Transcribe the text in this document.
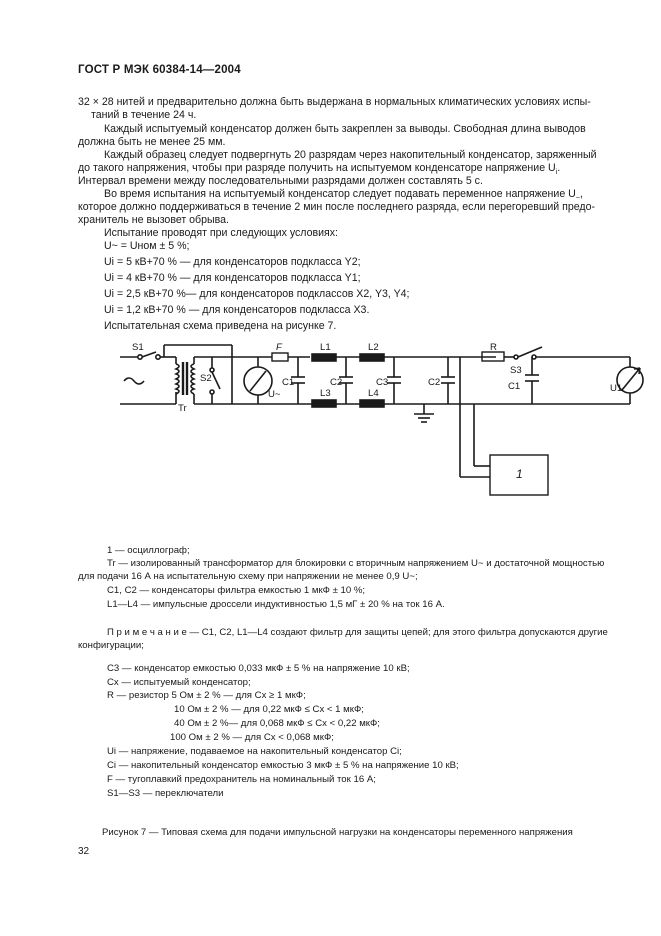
ГОСТ Р МЭК 60384-14—2004
32 × 28 нитей и предварительно должна быть выдержана в нормальных климатических условиях испы-
таний в течение 24 ч.
Каждый испытуемый конденсатор должен быть закреплен за выводы. Свободная длина выводов
должна быть не менее 25 мм.
Каждый образец следует подвергнуть 20 разрядам через накопительный конденсатор, заряженный
до такого напряжения, чтобы при разряде получить на испытуемом конденсаторе напряжение $U_i$.
Интервал времени между последовательными разрядами должен составлять 5 с.
Во время испытания на испытуемый конденсатор следует подавать переменное напряжение $U_\sim$,
которое должно поддерживаться в течение 2 мин после последнего разряда, если перегоревший предо-
хранитель не вызовет обрыва.
Испытание проводят при следующих условиях:
U~ = Uном ± 5 %;
Ui = 5 кВ+70 % — для конденсаторов подкласса Y2;
Ui = 4 кВ+70 % — для конденсаторов подкласса Y1;
Ui = 2,5 кВ+70 %— для конденсаторов подклассов X2, Y3, Y4;
Ui = 1,2 кВ+70 % — для конденсаторов подкласса X3.
Испытательная схема приведена на рисунке 7.
S1
Tr
S2
F
U~
C1
L1	L2
L3	L4
C2	C3	C2
R
S3
C1	U1
1
1 — осциллограф;
Tr — изолированный трансформатор для блокировки с вторичным напряжением U~ и достаточной мощностью
для подачи 16 А на испытательную схему при напряжении не менее 0,9 U~;
C1, C2 — конденсаторы фильтра емкостью 1 мкФ ± 10 %;
L1—L4 — импульсные дроссели индуктивностью 1,5 мГ ± 20 % на ток 16 А.
П р и м е ч а н и е — C1, C2, L1—L4 создают фильтр для защиты цепей; для этого фильтра допускаются другие
конфигурации;
C3 — конденсатор емкостью 0,033 мкФ ± 5 % на напряжение 10 кВ;
Cx — испытуемый конденсатор;
R — резистор 5 Ом ± 2 % — для Cx ≥ 1 мкФ;
10 Ом ± 2 % — для 0,22 мкФ ≤ Cx < 1 мкФ;
40 Ом ± 2 %— для 0,068 мкФ ≤ Cx < 0,22 мкФ;
100 Ом ± 2 % — для Cx < 0,068 мкФ;
Ui — напряжение, подаваемое на накопительный конденсатор Ci;
Ci — накопительный конденсатор емкостью 3 мкФ ± 5 % на напряжение 10 кВ;
F — тугоплавкий предохранитель на номинальный ток 16 А;
S1—S3 — переключатели
Рисунок 7 — Типовая схема для подачи импульсной нагрузки на конденсаторы переменного напряжения
32
